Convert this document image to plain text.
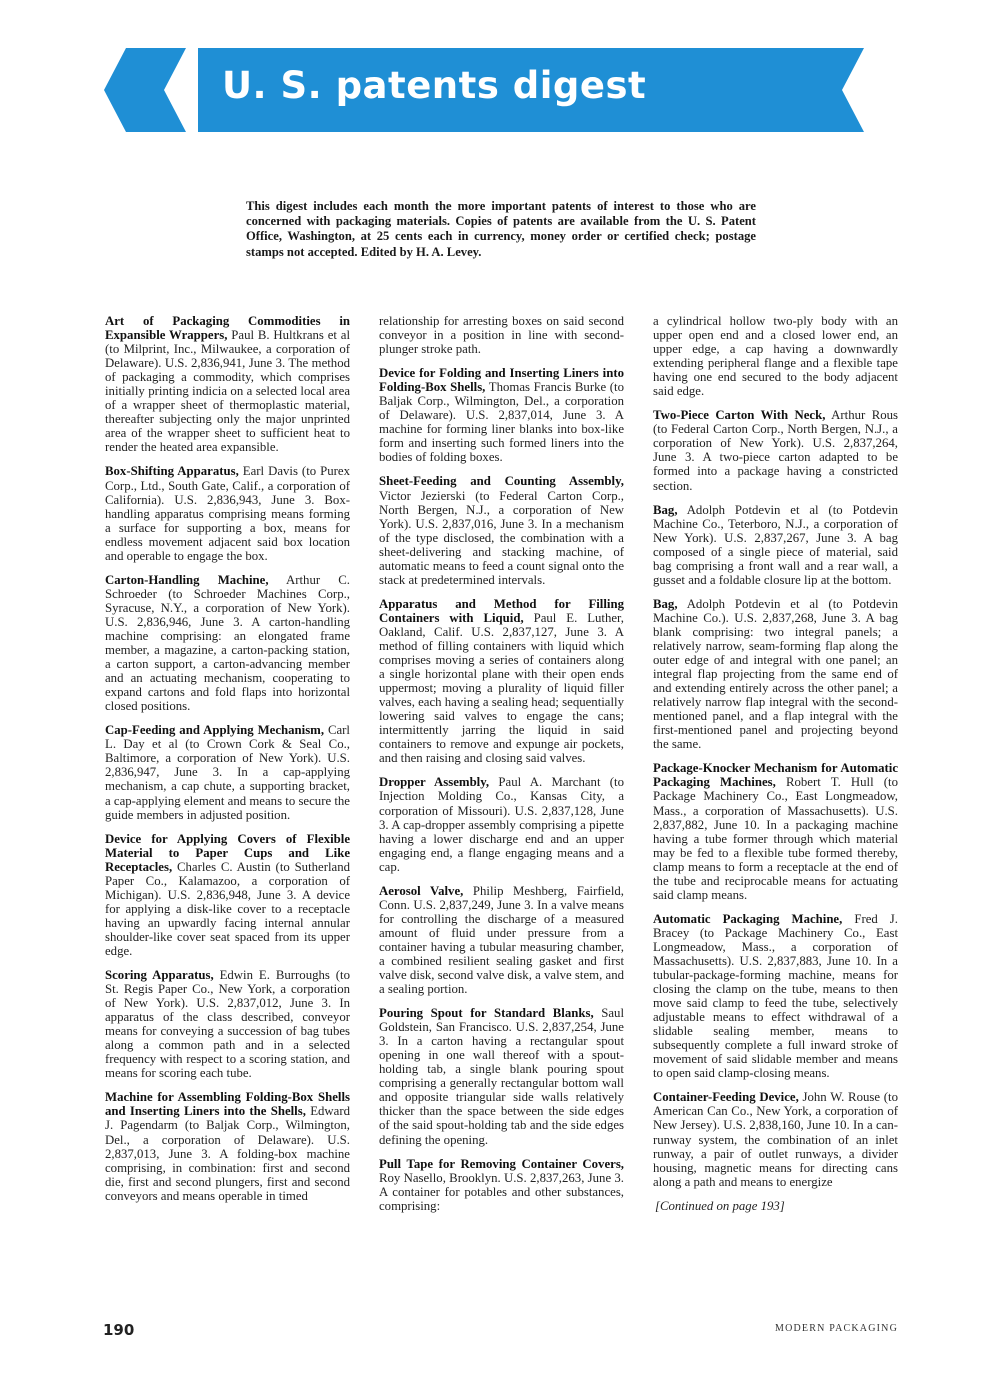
U. S. patents digest
This digest includes each month the more important patents of interest to those who are concerned with packaging materials. Copies of patents are available from the U. S. Patent Office, Washington, at 25 cents each in currency, money order or certified check; postage stamps not accepted. Edited by H. A. Levey.

Art of Packaging Commodities in Expansible Wrappers, Paul B. Hultkrans et al (to Milprint, Inc., Milwaukee, a corporation of Delaware). U.S. 2,836,941, June 3. The method of packaging a commodity, which comprises initially printing indicia on a selected local area of a wrapper sheet of thermoplastic material, thereafter subjecting only the major unprinted area of the wrapper sheet to sufficient heat to render the heated area expansible.

Box-Shifting Apparatus, Earl Davis (to Purex Corp., Ltd., South Gate, Calif., a corporation of California). U.S. 2,836,943, June 3. Box-handling apparatus comprising means forming a surface for supporting a box, means for endless movement adjacent said box location and operable to engage the box.

Carton-Handling Machine, Arthur C. Schroeder (to Schroeder Machines Corp., Syracuse, N.Y., a corporation of New York). U.S. 2,836,946, June 3. A carton-handling machine comprising: an elongated frame member, a magazine, a carton-packing station, a carton support, a carton-advancing member and an actuating mechanism, cooperating to expand cartons and fold flaps into horizontal closed positions.

Cap-Feeding and Applying Mechanism, Carl L. Day et al (to Crown Cork & Seal Co., Baltimore, a corporation of New York). U.S. 2,836,947, June 3. In a cap-applying mechanism, a cap chute, a supporting bracket, a cap-applying element and means to secure the guide members in adjusted position.

Device for Applying Covers of Flexible Material to Paper Cups and Like Receptacles, Charles C. Austin (to Sutherland Paper Co., Kalamazoo, a corporation of Michigan). U.S. 2,836,948, June 3. A device for applying a disk-like cover to a receptacle having an upwardly facing internal annular shoulder-like cover seat spaced from its upper edge.

Scoring Apparatus, Edwin E. Burroughs (to St. Regis Paper Co., New York, a corporation of New York). U.S. 2,837,012, June 3. In apparatus of the class described, conveyor means for conveying a succession of bag tubes along a common path and in a selected frequency with respect to a scoring station, and means for scoring each tube.

Machine for Assembling Folding-Box Shells and Inserting Liners into the Shells, Edward J. Pagendarm (to Baljak Corp., Wilmington, Del., a corporation of Delaware). U.S. 2,837,013, June 3. A folding-box machine comprising, in combination: first and second die, first and second plungers, first and second conveyors and means operable in timed

relationship for arresting boxes on said second conveyor in a position in line with second-plunger stroke path.

Device for Folding and Inserting Liners into Folding-Box Shells, Thomas Francis Burke (to Baljak Corp., Wilmington, Del., a corporation of Delaware). U.S. 2,837,014, June 3. A machine for forming liner blanks into box-like form and inserting such formed liners into the bodies of folding boxes.

Sheet-Feeding and Counting Assembly, Victor Jezierski (to Federal Carton Corp., North Bergen, N.J., a corporation of New York). U.S. 2,837,016, June 3. In a mechanism of the type disclosed, the combination with a sheet-delivering and stacking machine, of automatic means to feed a count signal onto the stack at predetermined intervals.

Apparatus and Method for Filling Containers with Liquid, Paul E. Luther, Oakland, Calif. U.S. 2,837,127, June 3. A method of filling containers with liquid which comprises moving a series of containers along a single horizontal plane with their open ends uppermost; moving a plurality of liquid filler valves, each having a sealing head; sequentially lowering said valves to engage the cans; intermittently jarring the liquid in said containers to remove and expunge air pockets, and then raising and closing said valves.

Dropper Assembly, Paul A. Marchant (to Injection Molding Co., Kansas City, a corporation of Missouri). U.S. 2,837,128, June 3. A cap-dropper assembly comprising a pipette having a lower discharge end and an upper engaging end, a flange engaging means and a cap.

Aerosol Valve, Philip Meshberg, Fairfield, Conn. U.S. 2,837,249, June 3. In a valve means for controlling the discharge of a measured amount of fluid under pressure from a container having a tubular measuring chamber, a combined resilient sealing gasket and first valve disk, second valve disk, a valve stem, and a sealing portion.

Pouring Spout for Standard Blanks, Saul Goldstein, San Francisco. U.S. 2,837,254, June 3. In a carton having a rectangular spout opening in one wall thereof with a spout-holding tab, a single blank pouring spout comprising a generally rectangular bottom wall and opposite triangular side walls relatively thicker than the space between the side edges of the said spout-holding tab and the side edges defining the opening.

Pull Tape for Removing Container Covers, Roy Nasello, Brooklyn. U.S. 2,837,263, June 3. A container for potables and other substances, comprising:

a cylindrical hollow two-ply body with an upper open end and a closed lower end, an upper edge, a cap having a downwardly extending peripheral flange and a flexible tape having one end secured to the body adjacent said edge.

Two-Piece Carton With Neck, Arthur Rous (to Federal Carton Corp., North Bergen, N.J., a corporation of New York). U.S. 2,837,264, June 3. A two-piece carton adapted to be formed into a package having a constricted section.

Bag, Adolph Potdevin et al (to Potdevin Machine Co., Teterboro, N.J., a corporation of New York). U.S. 2,837,267, June 3. A bag composed of a single piece of material, said bag comprising a front wall and a rear wall, a gusset and a foldable closure lip at the bottom.

Bag, Adolph Potdevin et al (to Potdevin Machine Co.). U.S. 2,837,268, June 3. A bag blank comprising: two integral panels; a relatively narrow, seam-forming flap along the outer edge of and integral with one panel; an integral flap projecting from the same end of and extending entirely across the other panel; a relatively narrow flap integral with the second-mentioned panel, and a flap integral with the first-mentioned panel and projecting beyond the same.

Package-Knocker Mechanism for Automatic Packaging Machines, Robert T. Hull (to Package Machinery Co., East Longmeadow, Mass., a corporation of Massachusetts). U.S. 2,837,882, June 10. In a packaging machine having a tube former through which material may be fed to a flexible tube formed thereby, clamp means to form a receptacle at the end of the tube and reciprocable means for actuating said clamp means.

Automatic Packaging Machine, Fred J. Bracey (to Package Machinery Co., East Longmeadow, Mass., a corporation of Massachusetts). U.S. 2,837,883, June 10. In a tubular-package-forming machine, means for closing the clamp on the tube, means to then move said clamp to feed the tube, selectively adjustable means to effect withdrawal of a slidable sealing member, means to subsequently complete a full inward stroke of movement of said slidable member and means to open said clamp-closing means.

Container-Feeding Device, John W. Rouse (to American Can Co., New York, a corporation of New Jersey). U.S. 2,838,160, June 10. In a can-runway system, the combination of an inlet runway, a pair of outlet runways, a divider housing, magnetic means for directing cans along a path and means to energize

[Continued on page 193]
190	MODERN PACKAGING
